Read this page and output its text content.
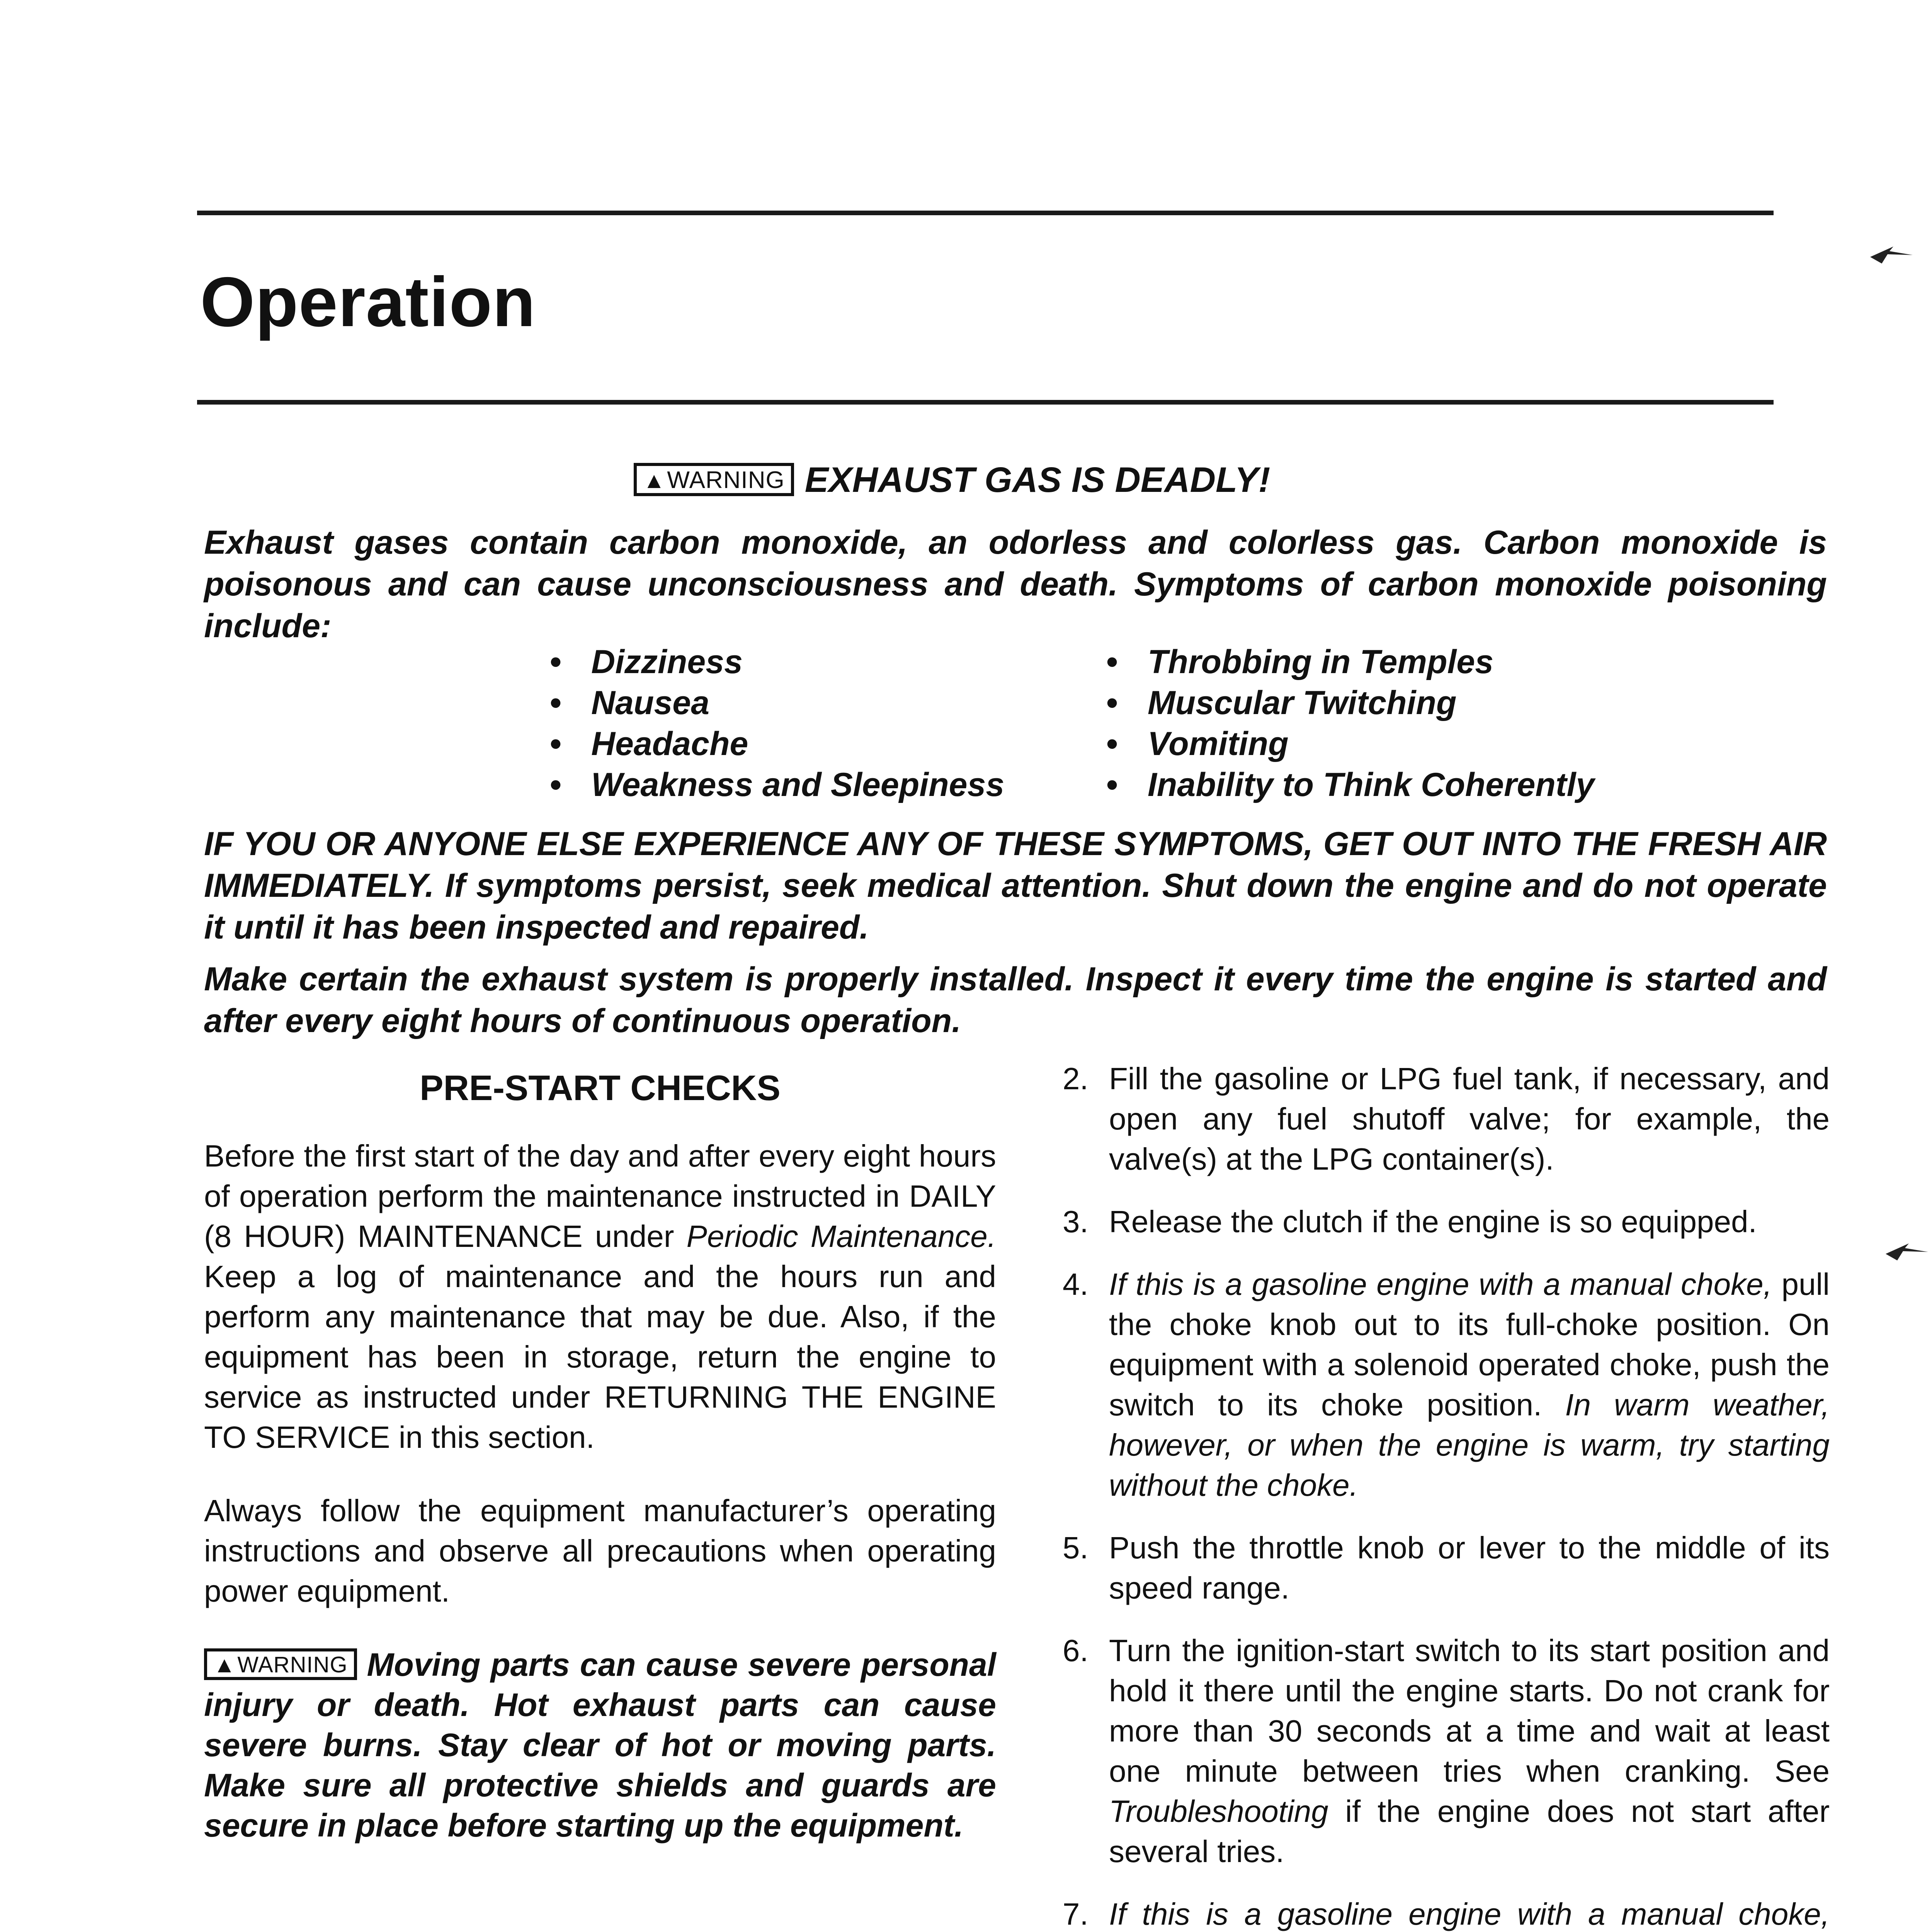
Operation
▲WARNING EXHAUST GAS IS DEADLY!
Exhaust gases contain carbon monoxide, an odorless and colorless gas. Carbon monoxide is poisonous and can cause unconsciousness and death. Symptoms of carbon monoxide poisoning include:
• Dizziness
• Nausea
• Headache
• Weakness and Sleepiness
• Throbbing in Temples
• Muscular Twitching
• Vomiting
• Inability to Think Coherently
IF YOU OR ANYONE ELSE EXPERIENCE ANY OF THESE SYMPTOMS, GET OUT INTO THE FRESH AIR IMMEDIATELY. If symptoms persist, seek medical attention. Shut down the engine and do not operate it until it has been inspected and repaired.
Make certain the exhaust system is properly installed. Inspect it every time the engine is started and after every eight hours of continuous operation.
PRE-START CHECKS

Before the first start of the day and after every eight hours of operation perform the maintenance instructed in DAILY (8 HOUR) MAINTENANCE under Periodic Maintenance. Keep a log of maintenance and the hours run and perform any maintenance that may be due. Also, if the equipment has been in storage, return the engine to service as instructed under RETURNING THE ENGINE TO SERVICE in this section.

Always follow the equipment manufacturer’s operating instructions and observe all precautions when operating power equipment.

▲WARNING Moving parts can cause severe personal injury or death. Hot exhaust parts can cause severe burns. Stay clear of hot or moving parts. Make sure all protective shields and guards are secure in place before starting up the equipment.

2. Fill the gasoline or LPG fuel tank, if necessary, and open any fuel shutoff valve; for example, the valve(s) at the LPG container(s).
3. Release the clutch if the engine is so equipped.
4. If this is a gasoline engine with a manual choke, pull the choke knob out to its full-choke position. On equipment with a solenoid operated choke, push the switch to its choke position. In warm weather, however, or when the engine is warm, try starting without the choke.
5. Push the throttle knob or lever to the middle of its speed range.
6. Turn the ignition-start switch to its start position and hold it there until the engine starts. Do not crank for more than 30 seconds at a time and wait at least one minute between tries when cranking. See Troubleshooting if the engine does not start after several tries.
7. If this is a gasoline engine with a manual choke,
